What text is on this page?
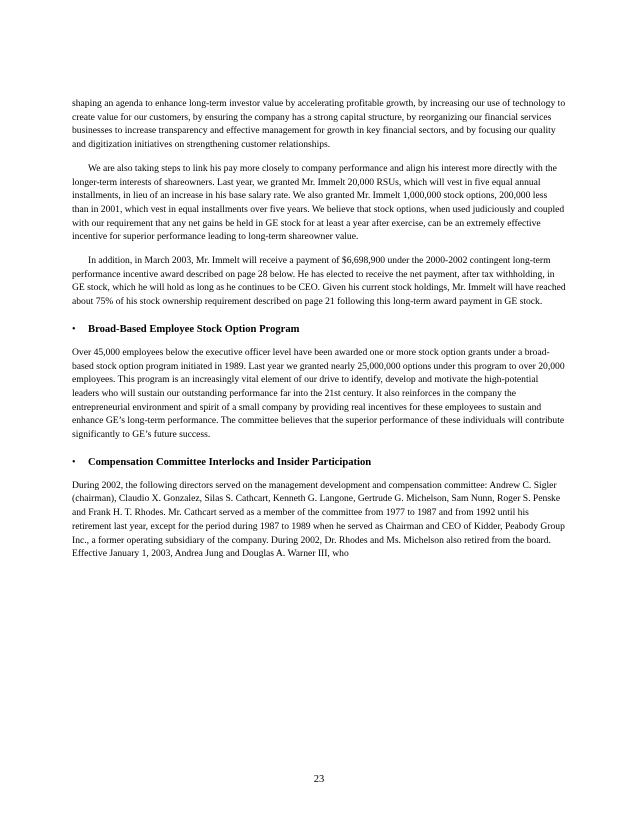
shaping an agenda to enhance long-term investor value by accelerating profitable growth, by increasing our use of technology to create value for our customers, by ensuring the company has a strong capital structure, by reorganizing our financial services businesses to increase transparency and effective management for growth in key financial sectors, and by focusing our quality and digitization initiatives on strengthening customer relationships.

We are also taking steps to link his pay more closely to company performance and align his interest more directly with the longer-term interests of shareowners. Last year, we granted Mr. Immelt 20,000 RSUs, which will vest in five equal annual installments, in lieu of an increase in his base salary rate. We also granted Mr. Immelt 1,000,000 stock options, 200,000 less than in 2001, which vest in equal installments over five years. We believe that stock options, when used judiciously and coupled with our requirement that any net gains be held in GE stock for at least a year after exercise, can be an extremely effective incentive for superior performance leading to long-term shareowner value.

In addition, in March 2003, Mr. Immelt will receive a payment of $6,698,900 under the 2000-2002 contingent long-term performance incentive award described on page 28 below. He has elected to receive the net payment, after tax withholding, in GE stock, which he will hold as long as he continues to be CEO. Given his current stock holdings, Mr. Immelt will have reached about 75% of his stock ownership requirement described on page 21 following this long-term award payment in GE stock.

•	Broad-Based Employee Stock Option Program

Over 45,000 employees below the executive officer level have been awarded one or more stock option grants under a broad-based stock option program initiated in 1989. Last year we granted nearly 25,000,000 options under this program to over 20,000 employees. This program is an increasingly vital element of our drive to identify, develop and motivate the high-potential leaders who will sustain our outstanding performance far into the 21st century. It also reinforces in the company the entrepreneurial environment and spirit of a small company by providing real incentives for these employees to sustain and enhance GE’s long-term performance. The committee believes that the superior performance of these individuals will contribute significantly to GE’s future success.

•	Compensation Committee Interlocks and Insider Participation

During 2002, the following directors served on the management development and compensation committee: Andrew C. Sigler (chairman), Claudio X. Gonzalez, Silas S. Cathcart, Kenneth G. Langone, Gertrude G. Michelson, Sam Nunn, Roger S. Penske and Frank H. T. Rhodes. Mr. Cathcart served as a member of the committee from 1977 to 1987 and from 1992 until his retirement last year, except for the period during 1987 to 1989 when he served as Chairman and CEO of Kidder, Peabody Group Inc., a former operating subsidiary of the company. During 2002, Dr. Rhodes and Ms. Michelson also retired from the board. Effective January 1, 2003, Andrea Jung and Douglas A. Warner III, who

23
